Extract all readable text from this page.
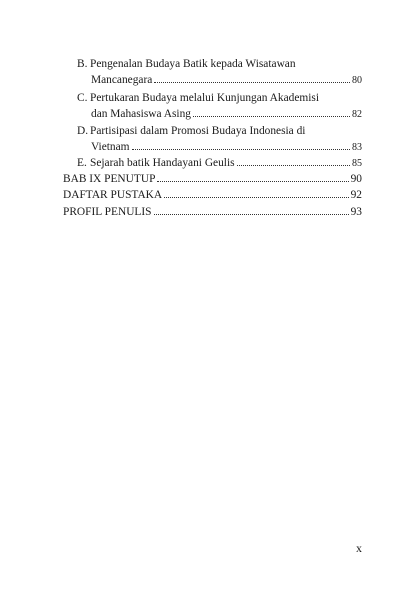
B. Pengenalan Budaya Batik kepada Wisatawan
Mancanegara	80
C. Pertukaran Budaya melalui Kunjungan Akademisi
dan Mahasiswa Asing	82
D. Partisipasi dalam Promosi Budaya Indonesia di
Vietnam	83
E. Sejarah batik Handayani Geulis	85
BAB IX PENUTUP	90
DAFTAR PUSTAKA	92
PROFIL PENULIS	93
x
